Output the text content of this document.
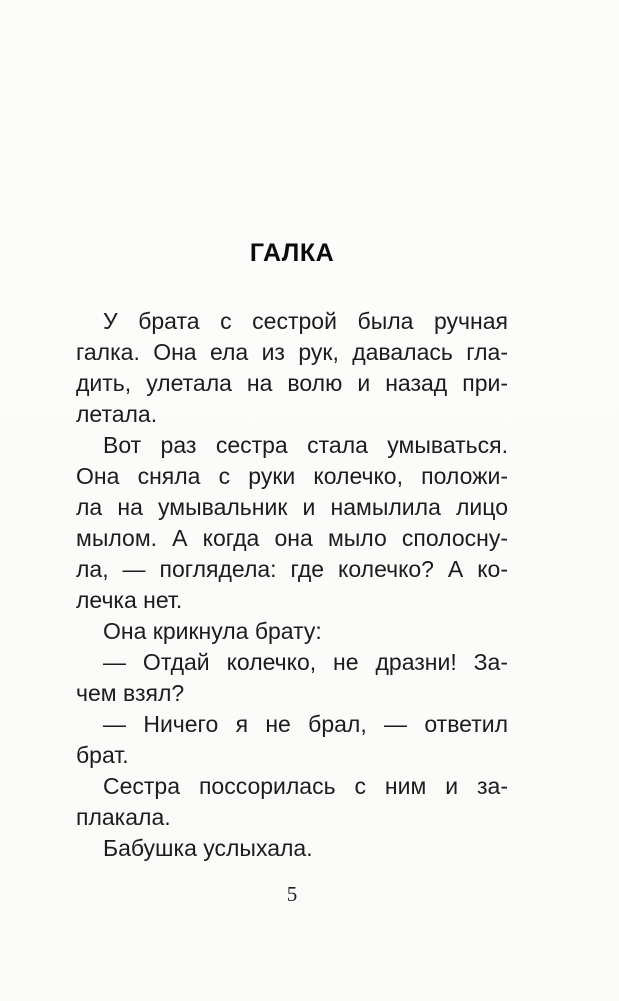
ГАЛКА
У брата с сестрой была ручная
галка. Она ела из рук, давалась гла-
дить, улетала на волю и назад при-
летала.
Вот раз сестра стала умываться.
Она сняла с руки колечко, положи-
ла на умывальник и намылила лицо
мылом. А когда она мыло сполосну-
ла, — поглядела: где колечко? А ко-
лечка нет.
Она крикнула брату:
— Отдай колечко, не дразни! За-
чем взял?
— Ничего я не брал, — ответил
брат.
Сестра поссорилась с ним и за-
плакала.
Бабушка услыхала.
5
